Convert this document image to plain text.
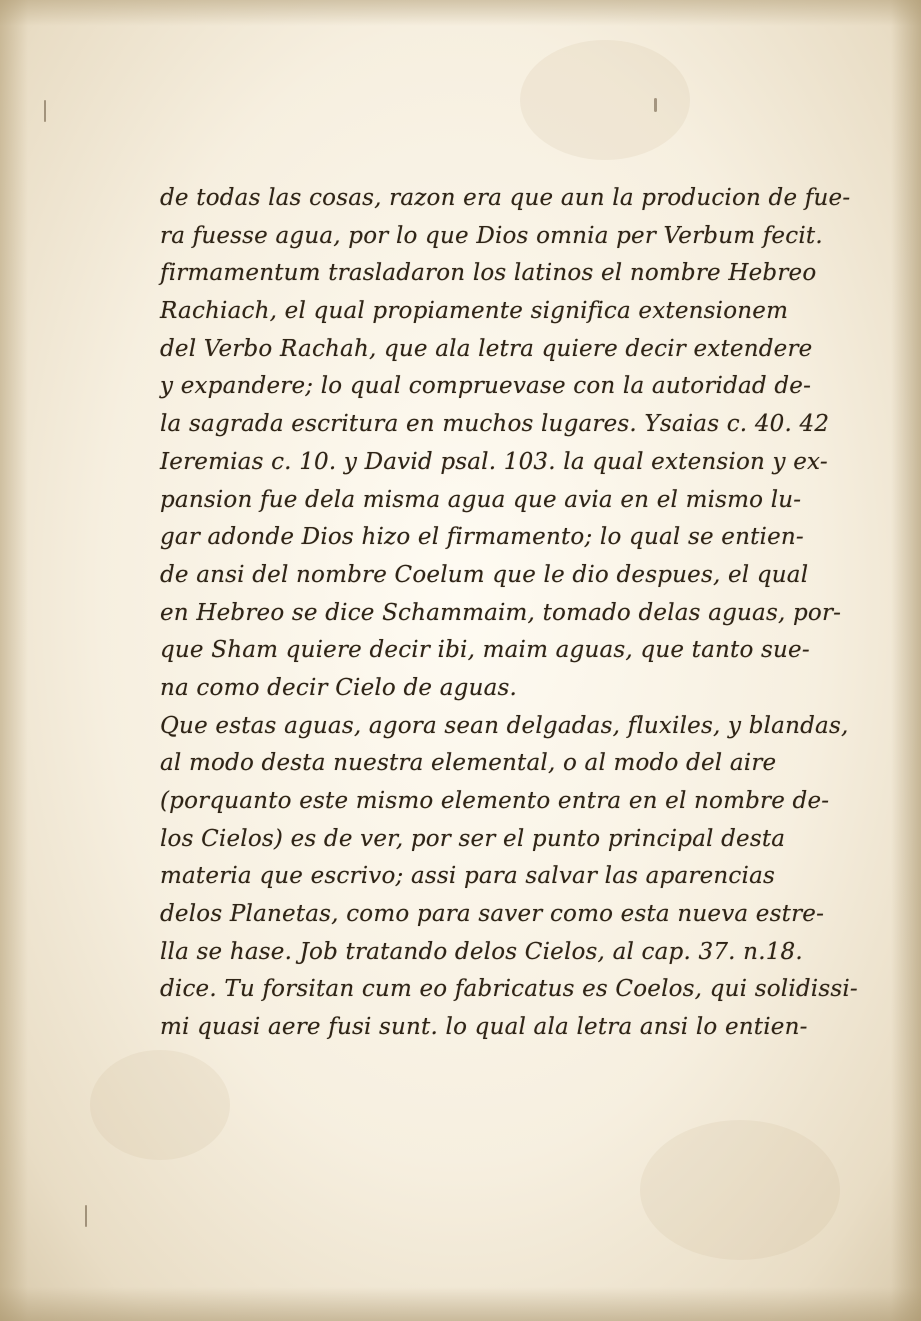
de todas las cosas, razon era que aun la producion de fue-
ra fuesse agua, por lo que Dios omnia per Verbum fecit.
firmamentum trasladaron los latinos el nombre Hebreo
Rachiach, el qual propiamente significa extensionem
del Verbo Rachah, que ala letra quiere decir extendere
y expandere; lo qual compruevase con la autoridad de-
la sagrada escritura en muchos lugares. Ysaias c. 40. 42
Ieremias c. 10. y David psal. 103. la qual extension y ex-
pansion fue dela misma agua que avia en el mismo lu-
gar adonde Dios hizo el firmamento; lo qual se entien-
de ansi del nombre Coelum que le dio despues, el qual
en Hebreo se dice Schammaim, tomado delas aguas, por-
que Sham quiere decir ibi, maim aguas, que tanto sue-
na como decir Cielo de aguas.
Que estas aguas, agora sean delgadas, fluxiles, y blandas,
al modo desta nuestra elemental, o al modo del aire
(porquanto este mismo elemento entra en el nombre de-
los Cielos) es de ver, por ser el punto principal desta
materia que escrivo; assi para salvar las aparencias
delos Planetas, como para saver como esta nueva estre-
lla se hase. Job tratando delos Cielos, al cap. 37. n.18.
dice. Tu forsitan cum eo fabricatus es Coelos, qui solidissi-
mi quasi aere fusi sunt. lo qual ala letra ansi lo entien-
